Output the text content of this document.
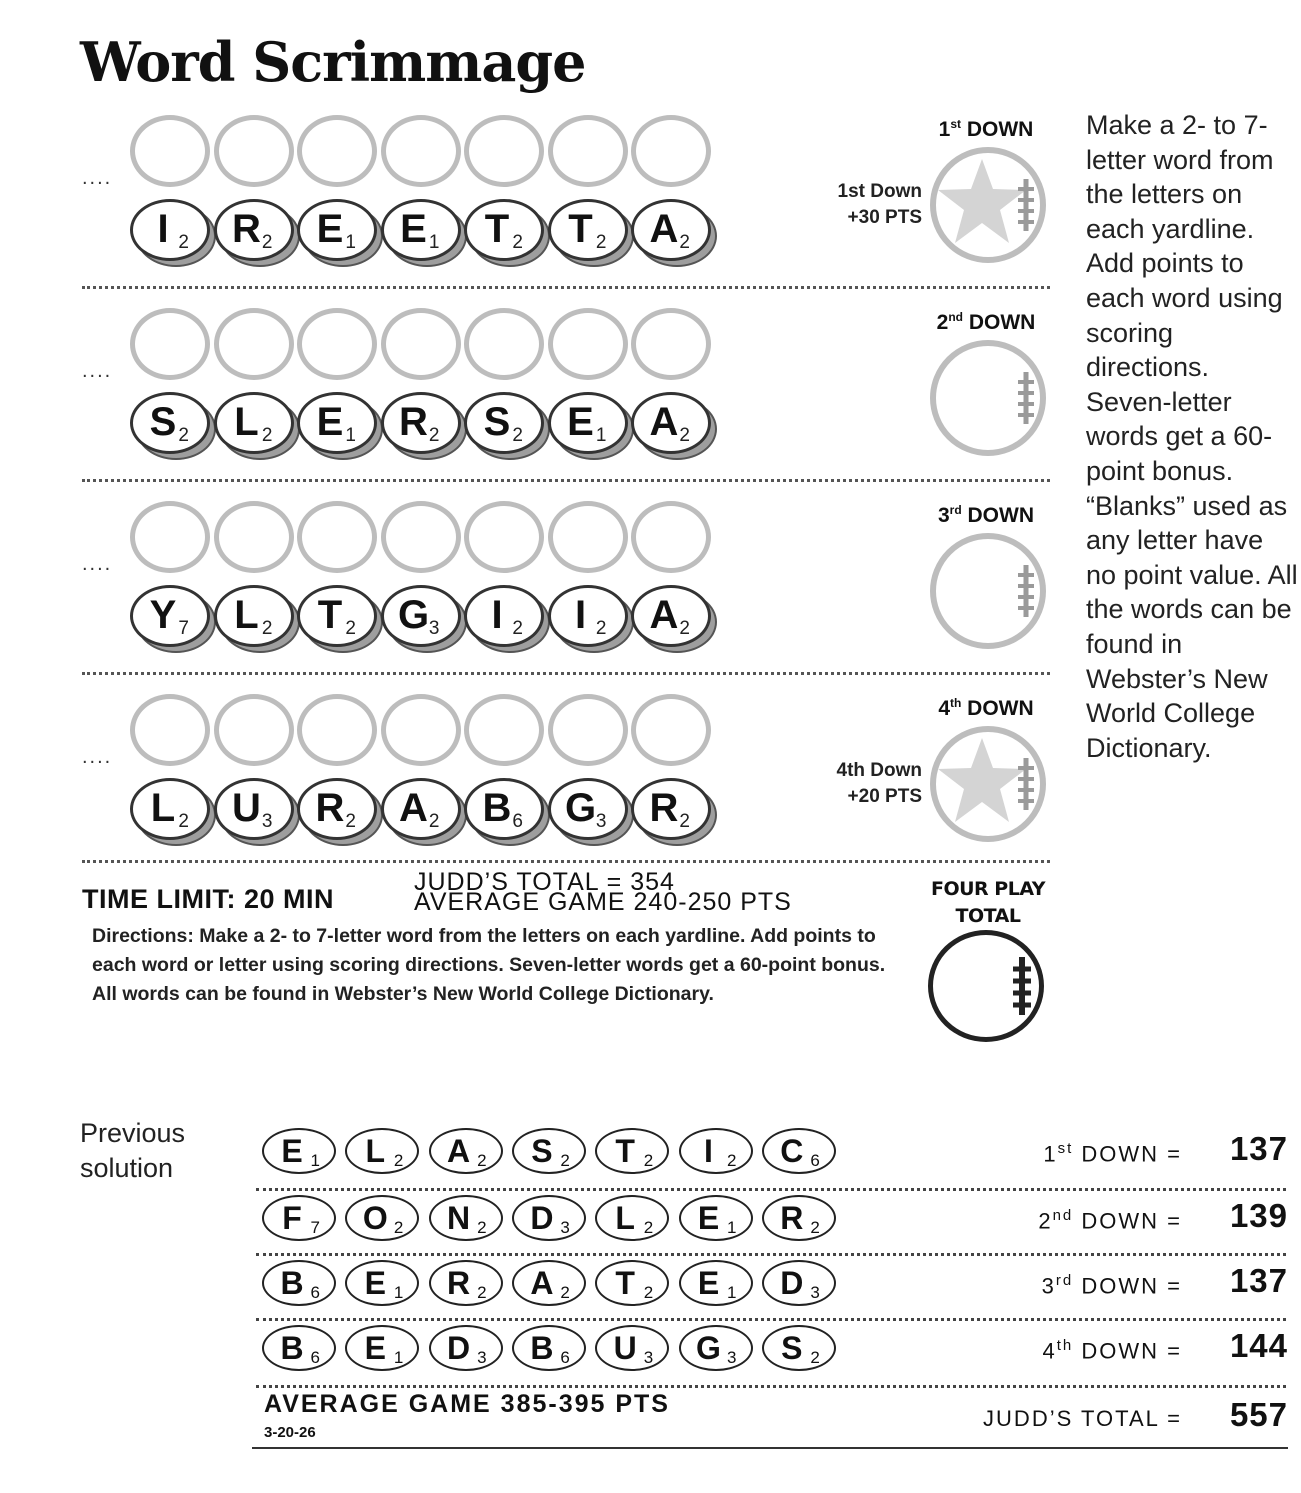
Word Scrimmage
....
I 2	R 2	E 1	E 1	T 2	T 2	A 2
1st DOWN
1st Down
+30 PTS
....
S 2	L 2	E 1	R 2	S 2	E 1	A 2
2nd DOWN
....
Y 7	L 2	T 2	G 3	I 2	I 2	A 2
3rd DOWN
....
L 2	U 3	R 2	A 2	B 6	G 3	R 2
4th DOWN
4th Down
+20 PTS
Make a 2- to 7-letter word from the letters on each yardline. Add points to each word using scoring directions. Seven-letter words get a 60-point bonus. “Blanks” used as any letter have no point value. All the words can be found in Webster’s New World College Dictionary.
TIME LIMIT: 20 MIN
JUDD’S TOTAL = 354
AVERAGE GAME 240-250 PTS
Directions: Make a 2- to 7-letter word from the letters on each yardline. Add points to each word or letter using scoring directions. Seven-letter words get a 60-point bonus. All words can be found in Webster’s New World College Dictionary.
FOUR PLAY
TOTAL
Previous
solution	E 1	L 2	A 2	S 2	T 2	I 2	C 6	1st DOWN =	137
F 7	O 2	N 2	D 3	L 2	E 1	R 2	2nd DOWN =	139
B 6	E 1	R 2	A 2	T 2	E 1	D 3	3rd DOWN =	137
B 6	E 1	D 3	B 6	U 3	G 3	S 2	4th DOWN =	144
AVERAGE GAME 385-395 PTS
3-20-26
JUDD’S TOTAL =	557
